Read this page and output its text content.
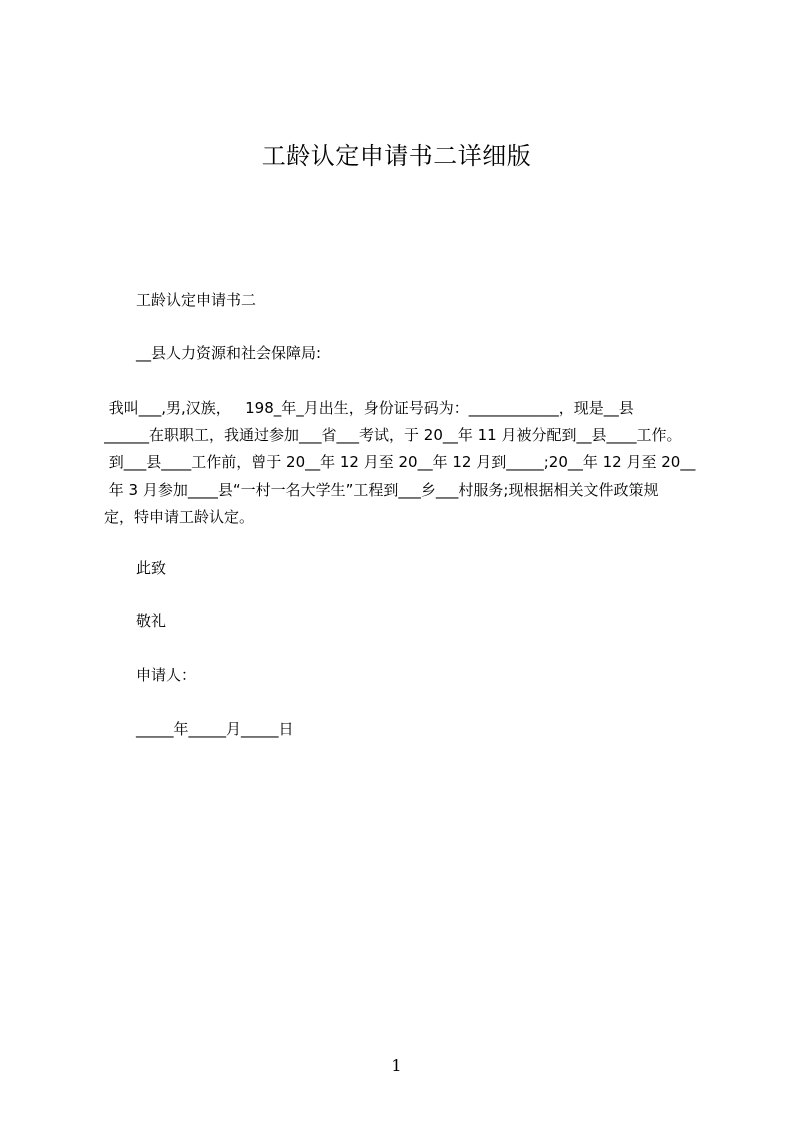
工龄认定申请书二详细版
工龄认定申请书二
__县人力资源和社会保障局:
我叫___,男,汉族，   198_年_月出生，身份证号码为：____________，现是__县
______在职职工，我通过参加___省___考试，于 20__年 11 月被分配到__县____工作。
到___县____工作前，曾于 20__年 12 月至 20__年 12 月到_____;20__年 12 月至 20__
年 3 月参加____县“一村一名大学生”工程到___乡___村服务;现根据相关文件政策规
定，特申请工龄认定。
此致
敬礼
申请人：
_____年_____月_____日
1
